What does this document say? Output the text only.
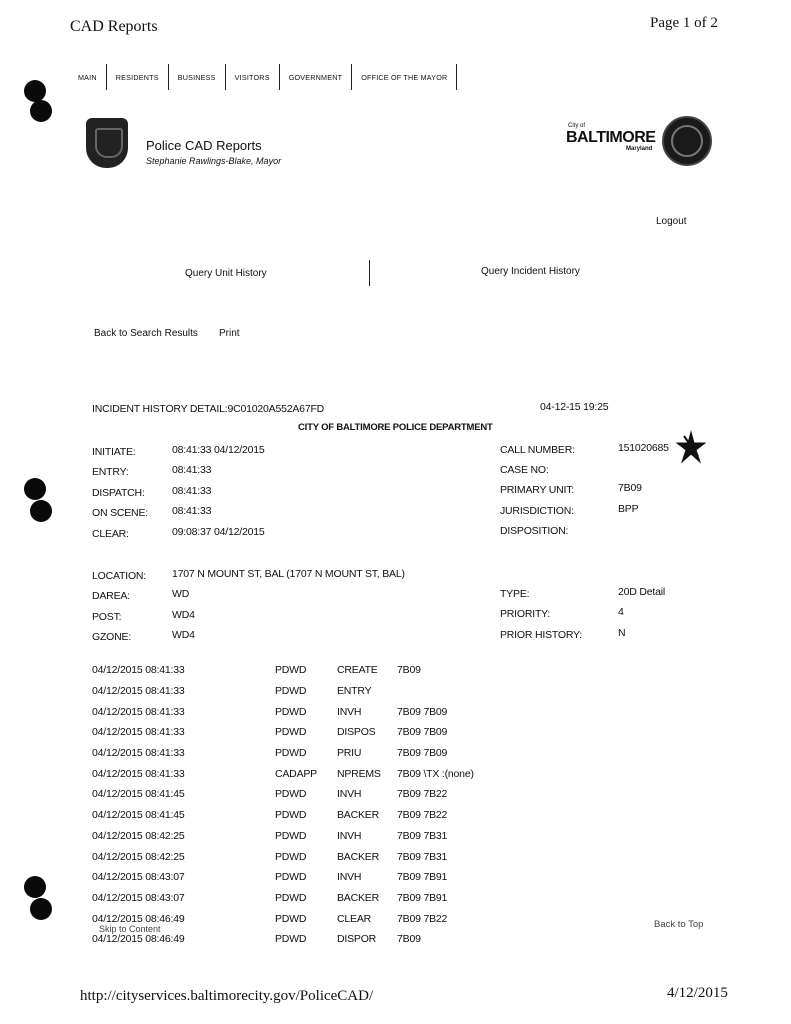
CAD Reports	Page 1 of 2
MAIN	RESIDENTS	BUSINESS	VISITORS	GOVERNMENT	OFFICE OF THE MAYOR
Police CAD Reports
Stephanie Rawlings-Blake, Mayor
City of
BALTIMORE
Maryland
Logout
Query Unit History	Query Incident History
Back to Search Results Print
INCIDENT HISTORY DETAIL:9C01020A552A67FD	04-12-15 19:25
CITY OF BALTIMORE POLICE DEPARTMENT
INITIATE:	08:41:33 04/12/2015
ENTRY:	08:41:33
DISPATCH:	08:41:33
ON SCENE: 08:41:33
CLEAR:	09:08:37 04/12/2015
CALL NUMBER:	151020685
CASE NO:
PRIMARY UNIT:	7B09
JURISDICTION:	BPP
DISPOSITION:
LOCATION: 1707 N MOUNT ST, BAL (1707 N MOUNT ST, BAL)
DAREA:	WD
POST:	WD4
GZONE:	WD4
TYPE:	20D Detail
PRIORITY:	4
PRIOR HISTORY:	N
04/12/2015 08:41:33	PDWD	CREATE	7B09
04/12/2015 08:41:33	PDWD	ENTRY	
04/12/2015 08:41:33	PDWD	INVH	7B09 7B09
04/12/2015 08:41:33	PDWD	DISPOS	7B09 7B09
04/12/2015 08:41:33	PDWD	PRIU	7B09 7B09
04/12/2015 08:41:33	CADAPP	NPREMS	7B09 \TX :(none)
04/12/2015 08:41:45	PDWD	INVH	7B09 7B22
04/12/2015 08:41:45	PDWD	BACKER	7B09 7B22
04/12/2015 08:42:25	PDWD	INVH	7B09 7B31
04/12/2015 08:42:25	PDWD	BACKER	7B09 7B31
04/12/2015 08:43:07	PDWD	INVH	7B09 7B91
04/12/2015 08:43:07	PDWD	BACKER	7B09 7B91
04/12/2015 08:46:49	PDWD	CLEAR	7B09 7B22
04/12/2015 08:46:49	PDWD	DISPOR	7B09
Skip to Content	Back to Top
http://cityservices.baltimorecity.gov/PoliceCAD/	4/12/2015
